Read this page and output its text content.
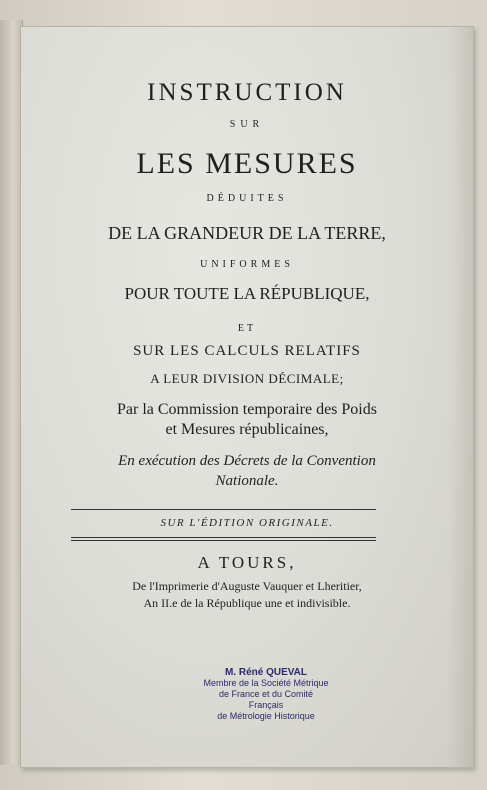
INSTRUCTION
SUR
LES MESURES
DÉDUITES
DE LA GRANDEUR DE LA TERRE,
UNIFORMES
POUR TOUTE LA RÉPUBLIQUE,
ET
SUR LES CALCULS RELATIFS
A LEUR DIVISION DÉCIMALE;
Par la Commission temporaire des Poids
et Mesures républicaines,
En exécution des Décrets de la Convention
Nationale.
SUR L'ÉDITION ORIGINALE.
A TOURS,
De l'Imprimerie d'Auguste Vauquer et Lheritier,
An II.e de la République une et indivisible.
M. Réné QUEVAL
Membre de la Société Métrique
de France et du Comité Français
de Métrologie Historique
